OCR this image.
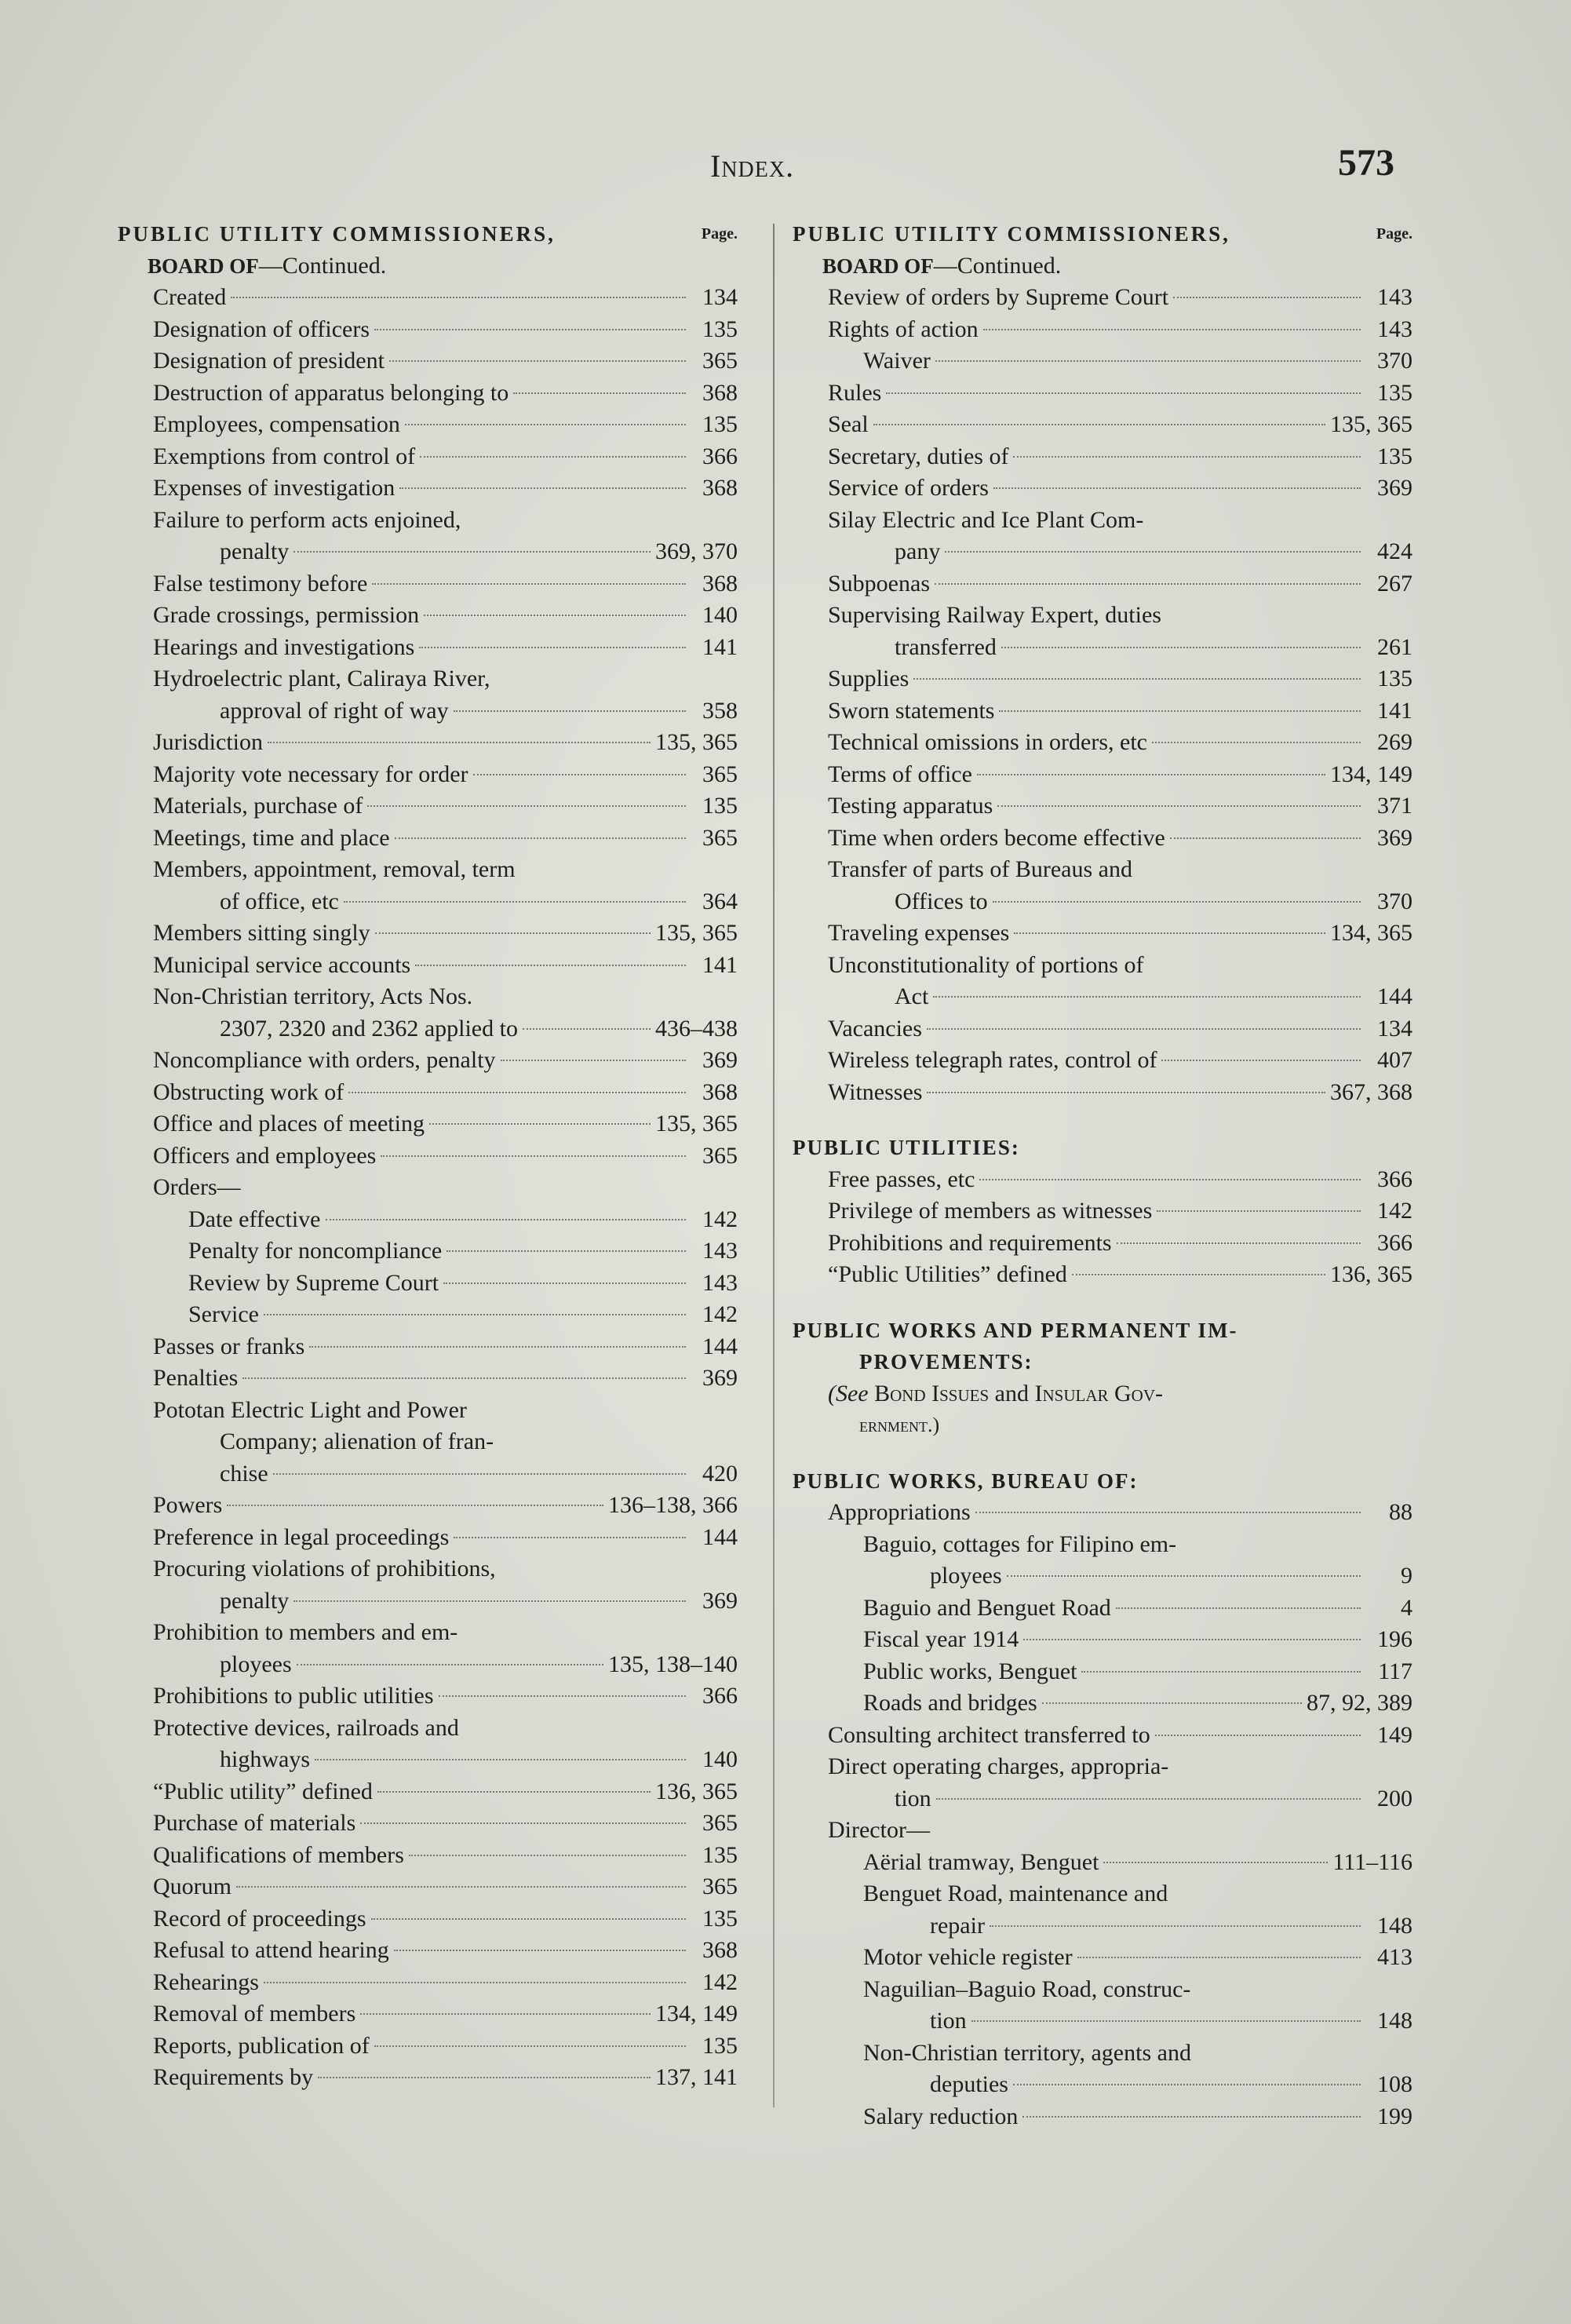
Index.	573
PUBLIC UTILITY COMMISSIONERS,	Page.
BOARD OF—Continued.
Created	134
Designation of officers	135
Designation of president	365
Destruction of apparatus belonging to	368
Employees, compensation	135
Exemptions from control of	366
Expenses of investigation	368
Failure to perform acts enjoined,
penalty	369, 370
False testimony before	368
Grade crossings, permission	140
Hearings and investigations	141
Hydroelectric plant, Caliraya River,
approval of right of way	358
Jurisdiction	135, 365
Majority vote necessary for order	365
Materials, purchase of	135
Meetings, time and place	365
Members, appointment, removal, term
of office, etc	364
Members sitting singly	135, 365
Municipal service accounts	141
Non-Christian territory, Acts Nos.
2307, 2320 and 2362 applied to	436–438
Noncompliance with orders, penalty	369
Obstructing work of	368
Office and places of meeting	135, 365
Officers and employees	365
Orders—
Date effective	142
Penalty for noncompliance	143
Review by Supreme Court	143
Service	142
Passes or franks	144
Penalties	369
Pototan Electric Light and Power
Company; alienation of fran-
chise	420
Powers	136–138, 366
Preference in legal proceedings	144
Procuring violations of prohibitions,
penalty	369
Prohibition to members and em-
ployees	135, 138–140
Prohibitions to public utilities	366
Protective devices, railroads and
highways	140
“Public utility” defined	136, 365
Purchase of materials	365
Qualifications of members	135
Quorum	365
Record of proceedings	135
Refusal to attend hearing	368
Rehearings	142
Removal of members	134, 149
Reports, publication of	135
Requirements by	137, 141
PUBLIC UTILITY COMMISSIONERS,	Page.
BOARD OF—Continued.
Review of orders by Supreme Court	143
Rights of action	143
Waiver	370
Rules	135
Seal	135, 365
Secretary, duties of	135
Service of orders	369
Silay Electric and Ice Plant Com-
pany	424
Subpoenas	267
Supervising Railway Expert, duties
transferred	261
Supplies	135
Sworn statements	141
Technical omissions in orders, etc	269
Terms of office	134, 149
Testing apparatus	371
Time when orders become effective	369
Transfer of parts of Bureaus and
Offices to	370
Traveling expenses	134, 365
Unconstitutionality of portions of
Act	144
Vacancies	134
Wireless telegraph rates, control of	407
Witnesses	367, 368
PUBLIC UTILITIES:
Free passes, etc	366
Privilege of members as witnesses	142
Prohibitions and requirements	366
“Public Utilities” defined	136, 365
PUBLIC WORKS AND PERMANENT IM-
PROVEMENTS:
(See Bond Issues and Insular Gov-
ernment.)
PUBLIC WORKS, BUREAU OF:
Appropriations	88
Baguio, cottages for Filipino em-
ployees	9
Baguio and Benguet Road	4
Fiscal year 1914	196
Public works, Benguet	117
Roads and bridges	87, 92, 389
Consulting architect transferred to	149
Direct operating charges, appropria-
tion	200
Director—
Aërial tramway, Benguet	111–116
Benguet Road, maintenance and
repair	148
Motor vehicle register	413
Naguilian–Baguio Road, construc-
tion	148
Non-Christian territory, agents and
deputies	108
Salary reduction	199
